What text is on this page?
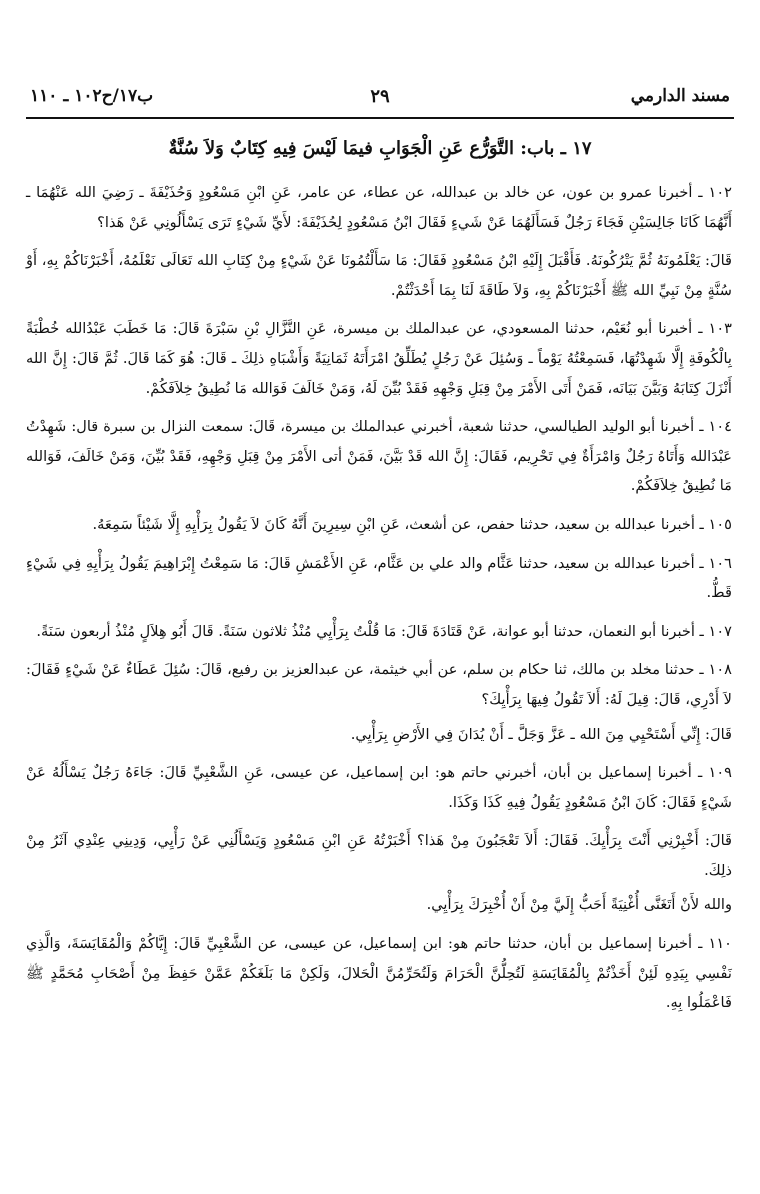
مسند الدارمي
٢٩
ب١٧/ح١٠٢ ـ ١١٠
١٧ ـ باب: التَّوَرُّع عَنِ الْجَوَابِ فيمَا لَيْسَ فِيهِ كِتَابٌ وَلاَ سُنَّةٌ

١٠٢ ـ أخبرنا عمرو بن عون، عن خالد بن عبدالله، عن عطاء، عن عامر، عَنِ ابْنِ مَسْعُودٍ وَحُذَيْفَةَ ـ رَضِيَ الله عَنْهُمَا ـ أَنَّهُمَا كَانَا جَالِسَيْنِ فَجَاءَ رَجُلٌ فَسَأَلَهُمَا عَنْ شَيءٍ فَقَالَ ابْنُ مَسْعُودٍ لِحُذَيْفَةَ: لأَيِّ شَيْءٍ تَرَى يَسْأَلُونِي عَنْ هَذا؟

قَالَ: يَعْلَمُونَهُ ثُمَّ يَتْرُكُونَهُ. فَأَقْبَلَ إِلَيْهِ ابْنُ مَسْعُودٍ فَقَالَ: مَا سَأَلْتُمُونَا عَنْ شَيْءٍ مِنْ كِتَابِ الله تَعَالَى نَعْلَمُهُ، أَخْبَرْنَاكُمْ بِهِ، أَوْ سُنَّةٍ مِنْ نَبِيِّ الله ﷺ أَخْبَرْنَاكُمْ بِهِ، وَلاَ طَاقَةَ لَنَا بِمَا أَحْدَثْتُمْ.

١٠٣ ـ أخبرنا أبو نُعَيْم، حدثنا المسعودي، عن عبدالملك بن ميسرة، عَنِ النَّزَّالِ بْنِ سَبْرَةَ قَالَ: مَا خَطَبَ عَبْدُالله خُطْبَةً بِالْكُوفَةِ إِلَّا شَهِدْتُهَا، فَسَمِعْتُهُ يَوْماً ـ وَسُئِلَ عَنْ رَجُلٍ يُطَلِّقُ امْرَأَتَهُ ثَمَانِيَةً وَأَشْبَاهِ ذلِكَ ـ قَالَ: هُوَ كَمَا قَالَ. ثُمَّ قَالَ: إِنَّ الله أَنْزَلَ كِتَابَهُ وَبَيَّنَ بَيَانَه، فَمَنْ أَتَى الأَمْرَ مِنْ قِبَلِ وَجْهِهِ فَقَدْ بُيِّنَ لَهُ، وَمَنْ خَالَفَ فَوَالله مَا نُطِيقُ خِلاَفَكُمْ.

١٠٤ ـ أخبرنا أبو الوليد الطيالسي، حدثنا شعبة، أخبرني عبدالملك بن ميسرة، قَالَ: سمعت النزال بن سبرة قال: شَهِدْتُ عَبْدَالله وَأَتَاهُ رَجُلٌ وَامْرَأَةٌ فِي تَحْرِيم، فَقَالَ: إِنَّ الله قَدْ بَيَّنَ، فَمَنْ أتى الأَمْرَ مِنْ قِبَلِ وَجْهِهِ، فَقَدْ بُيِّنَ، وَمَنْ خَالَفَ، فَوَالله مَا نُطِيقُ خِلاَفَكُمْ.

١٠٥ ـ أخبرنا عبدالله بن سعيد، حدثنا حفص، عن أشعث، عَنِ ابْنِ سِيرِينَ أَنَّهُ كَانَ لاَ يَقُولُ بِرَأْيِهِ إِلَّا شَيْئاً سَمِعَهُ.

١٠٦ ـ أخبرنا عبدالله بن سعيد، حدثنا عَثَّام والد علي بن عَثَّام، عَنِ الأَعْمَشِ قَالَ: مَا سَمِعْتُ إِبْرَاهِيمَ يَقُولُ بِرَأْيِهِ فِي شَيْءٍ قَطُّ.

١٠٧ ـ أخبرنا أبو النعمان، حدثنا أبو عوانة، عَنْ قَتَادَةَ قَالَ: مَا قُلْتُ بِرَأْيِي مُنْذُ ثلاثون سَنَةً. قَالَ أَبُو هِلاَلٍ مُنْذُ أربعون سَنَةً.

١٠٨ ـ حدثنا مخلد بن مالك، ثنا حكام بن سلم، عن أبي خيثمة، عن عبدالعزيز بن رفيع، قَالَ: سُئِلَ عَطَاءٌ عَنْ شَيْءٍ فَقَالَ: لاَ أَدْرِي، قَالَ: قِيلَ لَهُ: أَلاَ تَقُولُ فِيهَا بِرَأْيِكَ؟

قَالَ: إِنِّي أَسْتَحْيِي مِنَ الله ـ عَزَّ وَجَلَّ ـ أَنْ يُدَانَ فِي الأَرْضِ بِرَأْيِي.

١٠٩ ـ أخبرنا إسماعيل بن أبان، أخبرني حاتم هو: ابن إسماعيل، عن عيسى، عَنِ الشَّعْبِيِّ قَالَ: جَاءَهُ رَجُلٌ يَسْأَلُهُ عَنْ شَيْءٍ فَقَالَ: كَانَ ابْنُ مَسْعُودٍ يَقُولُ فِيهِ كَذَا وَكَذَا.

قَالَ: أَخْبِرْنِي أَنْتَ بِرَأْيِكَ. فَقَالَ: أَلاَ تَعْجَبُونَ مِنْ هَذا؟ أَخْبَرْتُهُ عَنِ ابْنِ مَسْعُودٍ وَيَسْأَلُنِي عَنْ رَأْيِي، وَدِينِي عِنْدِي آثَرُ مِنْ ذلِكَ.

والله لأَنْ أَتَغَنَّى أُغْنِيَةً أَحَبُّ إِلَيَّ مِنْ أَنْ أُخْبِرَكَ بِرَأْيِي.

١١٠ ـ أخبرنا إسماعيل بن أبان، حدثنا حاتم هو: ابن إسماعيل، عن عيسى، عن الشَّعْبِيِّ قَالَ: إِيَّاكُمْ وَالْمُقَايَسَةَ، وَالَّذِي نَفْسِي بِيَدِهِ لَئِنْ أَخَذْتُمْ بِالْمُقَايَسَةِ لَتُحِلُّنَّ الْحَرَامَ وَلَتُحَرِّمُنَّ الْحَلالَ، وَلَكِنْ مَا بَلَغَكُمْ عَمَّنْ حَفِظَ مِنْ أَصْحَابِ مُحَمَّدٍ ﷺ فَاعْمَلُوا بِهِ.
